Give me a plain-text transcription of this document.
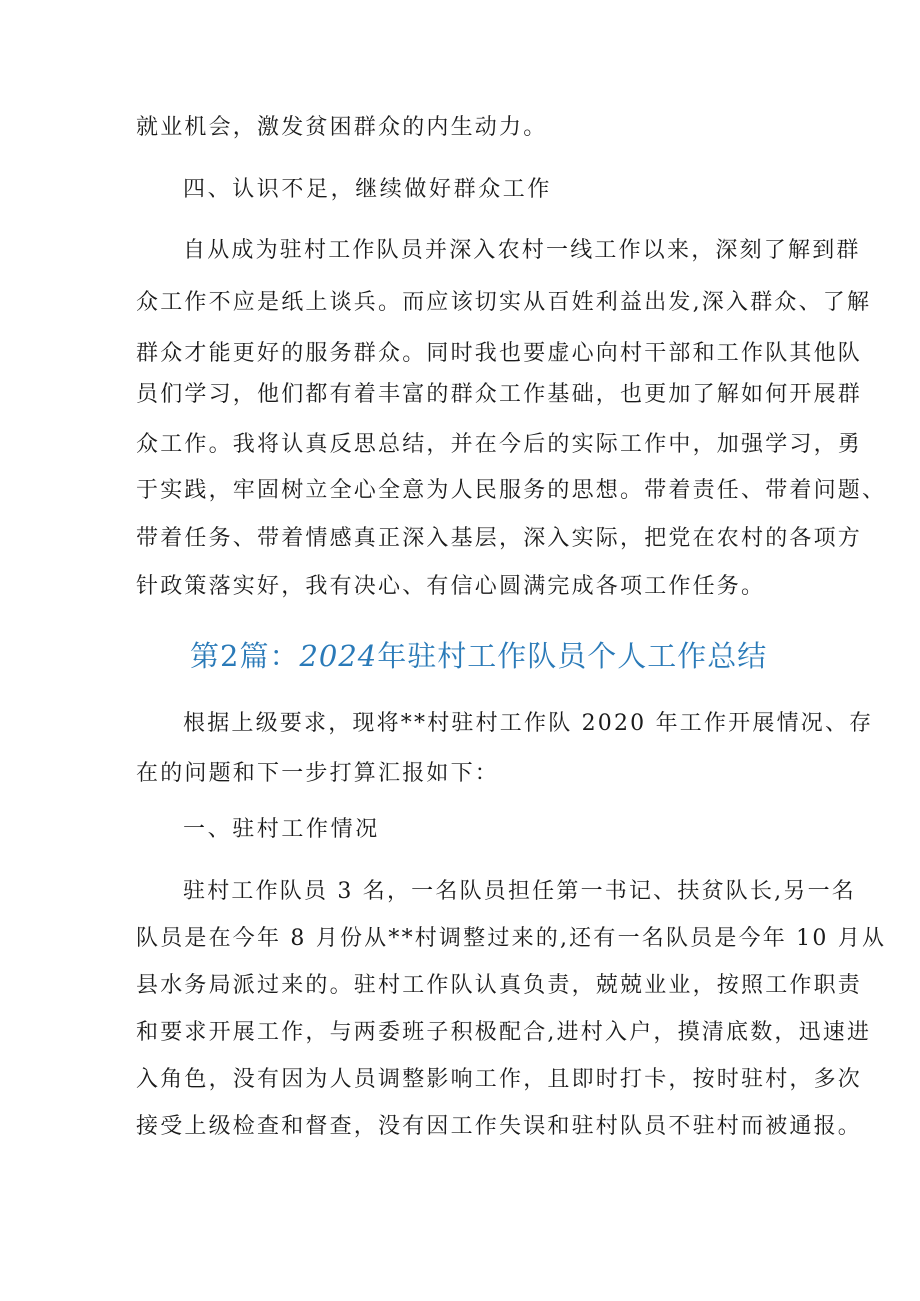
就业机会，激发贫困群众的内生动力。
四、认识不足，继续做好群众工作
自从成为驻村工作队员并深入农村一线工作以来，深刻了解到群
众工作不应是纸上谈兵。而应该切实从百姓利益出发,深入群众、了解
群众才能更好的服务群众。同时我也要虚心向村干部和工作队其他队
员们学习，他们都有着丰富的群众工作基础，也更加了解如何开展群
众工作。我将认真反思总结，并在今后的实际工作中，加强学习，勇
于实践，牢固树立全心全意为人民服务的思想。带着责任、带着问题、
带着任务、带着情感真正深入基层，深入实际，把党在农村的各项方
针政策落实好，我有决心、有信心圆满完成各项工作任务。
第2篇：2024年驻村工作队员个人工作总结
根据上级要求，现将**村驻村工作队 2020 年工作开展情况、存
在的问题和下一步打算汇报如下：
一、驻村工作情况
驻村工作队员 3 名，一名队员担任第一书记、扶贫队长,另一名
队员是在今年 8 月份从**村调整过来的,还有一名队员是今年 10 月从
县水务局派过来的。驻村工作队认真负责，兢兢业业，按照工作职责
和要求开展工作，与两委班子积极配合,进村入户，摸清底数，迅速进
入角色，没有因为人员调整影响工作，且即时打卡，按时驻村，多次
接受上级检查和督查，没有因工作失误和驻村队员不驻村而被通报。
